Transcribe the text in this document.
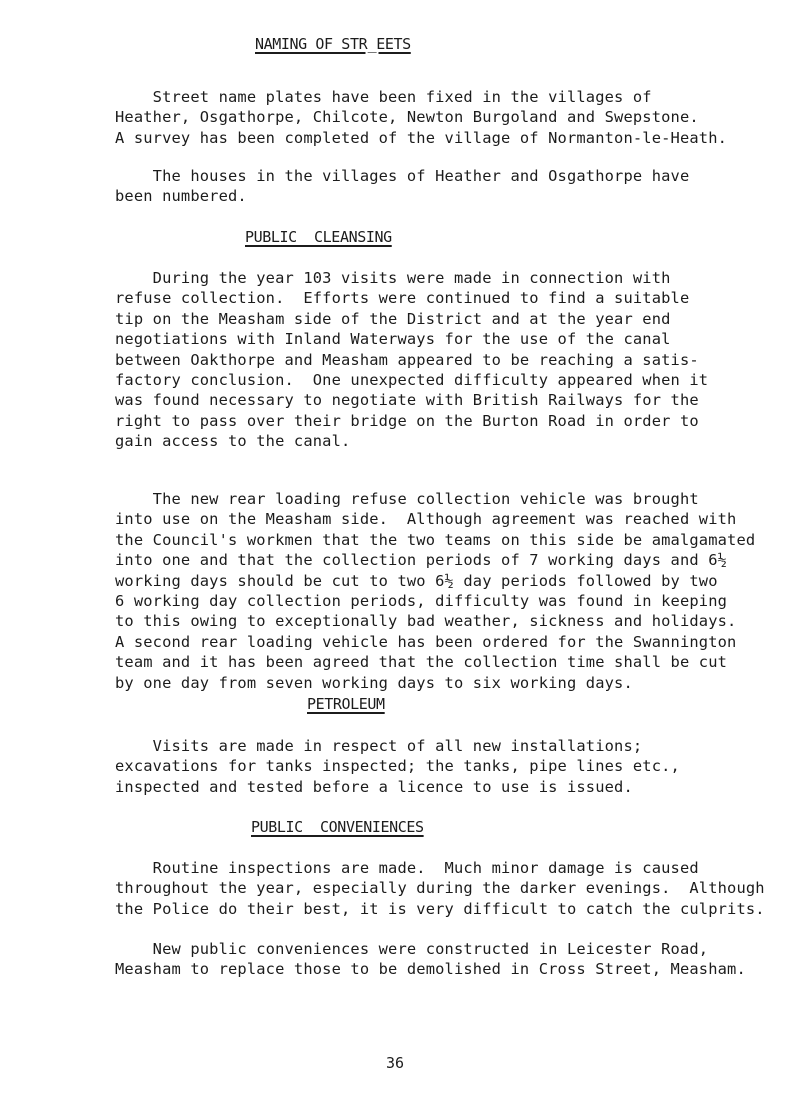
NAMING OF STR̲EETS

Street name plates have been fixed in the villages of
Heather, Osgathorpe, Chilcote, Newton Burgoland and Swepstone.
A survey has been completed of the village of Normanton-le-Heath.

The houses in the villages of Heather and Osgathorpe have
been numbered.

PUBLIC  CLEANSING

During the year 103 visits were made in connection with
refuse collection.  Efforts were continued to find a suitable
tip on the Measham side of the District and at the year end
negotiations with Inland Waterways for the use of the canal
between Oakthorpe and Measham appeared to be reaching a satis-
factory conclusion.  One unexpected difficulty appeared when it
was found necessary to negotiate with British Railways for the
right to pass over their bridge on the Burton Road in order to
gain access to the canal.

The new rear loading refuse collection vehicle was brought
into use on the Measham side.  Although agreement was reached with
the Council's workmen that the two teams on this side be amalgamated
into one and that the collection periods of 7 working days and 6½
working days should be cut to two 6½ day periods followed by two
6 working day collection periods, difficulty was found in keeping
to this owing to exceptionally bad weather, sickness and holidays.
A second rear loading vehicle has been ordered for the Swannington
team and it has been agreed that the collection time shall be cut
by one day from seven working days to six working days.

PETROLEUM

Visits are made in respect of all new installations;
excavations for tanks inspected; the tanks, pipe lines etc.,
inspected and tested before a licence to use is issued.

PUBLIC  CONVENIENCES

Routine inspections are made.  Much minor damage is caused
throughout the year, especially during the darker evenings.  Although
the Police do their best, it is very difficult to catch the culprits.

New public conveniences were constructed in Leicester Road,
Measham to replace those to be demolished in Cross Street, Measham.

36
